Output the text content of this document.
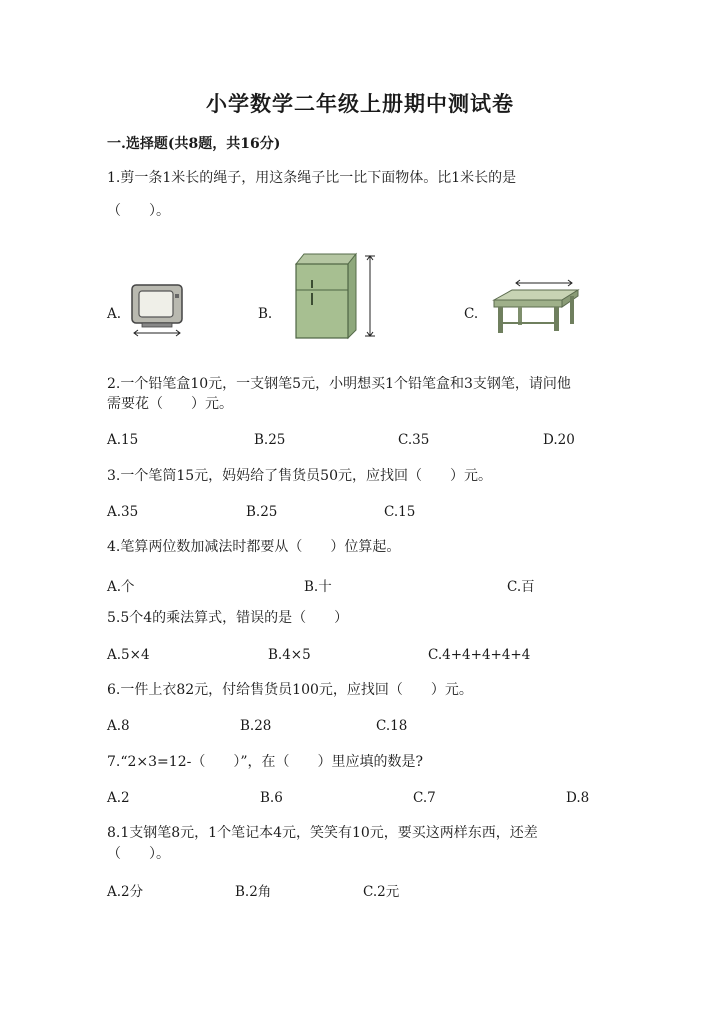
小学数学二年级上册期中测试卷
一.选择题(共8题，共16分)
1.剪一条1米长的绳子，用这条绳子比一比下面物体。比1米长的是
（　　）。
A.	B.	C.
2.一个铅笔盒10元，一支钢笔5元，小明想买1个铅笔盒和3支钢笔，请问他
需要花（　　）元。
A.15	B.25	C.35	D.20
3.一个笔筒15元，妈妈给了售货员50元，应找回（　　）元。
A.35	B.25	C.15
4.笔算两位数加减法时都要从（　　）位算起。
A.个	B.十	C.百
5.5个4的乘法算式，错误的是（　　）
A.5×4	B.4×5	C.4+4+4+4+4
6.一件上衣82元，付给售货员100元，应找回（　　）元。
A.8	B.28	C.18
7.“2×3=12-（　　）”，在（　　）里应填的数是?
A.2	B.6	C.7	D.8
8.1支钢笔8元，1个笔记本4元，笑笑有10元，要买这两样东西，还差
（　　）。
A.2分	B.2角	C.2元
